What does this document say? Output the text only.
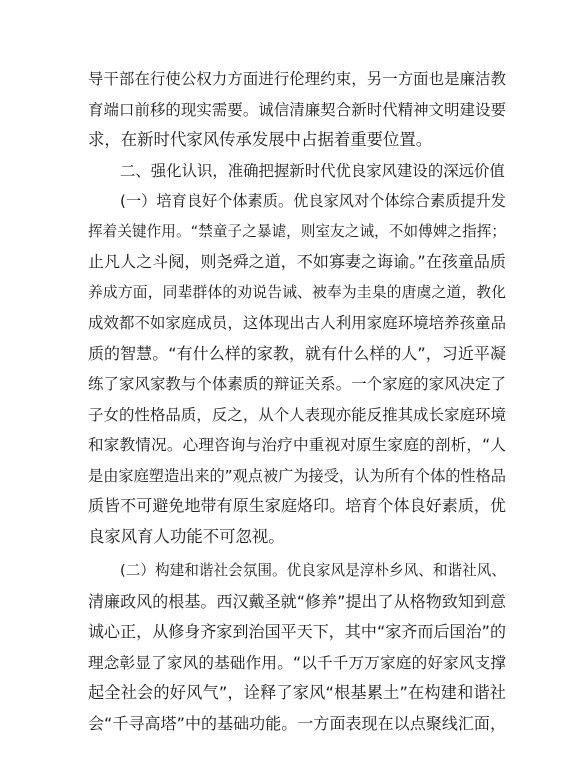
导干部在行使公权力方面进行伦理约束，另一方面也是廉洁教
育端口前移的现实需要。诚信清廉契合新时代精神文明建设要
求，在新时代家风传承发展中占据着重要位置。
二、强化认识，准确把握新时代优良家风建设的深远价值
(一）培育良好个体素质。优良家风对个体综合素质提升发
挥着关键作用。“禁童子之暴谑，则室友之诫，不如傅婢之指挥；
止凡人之斗阋，则尧舜之道，不如寡妻之诲谕。”在孩童品质
养成方面，同辈群体的劝说告诫、被奉为圭臬的唐虞之道，教化
成效都不如家庭成员，这体现出古人利用家庭环境培养孩童品
质的智慧。“有什么样的家教，就有什么样的人”，习近平凝
练了家风家教与个体素质的辩证关系。一个家庭的家风决定了
子女的性格品质，反之，从个人表现亦能反推其成长家庭环境
和家教情况。心理咨询与治疗中重视对原生家庭的剖析，“人
是由家庭塑造出来的”观点被广为接受，认为所有个体的性格品
质皆不可避免地带有原生家庭烙印。培育个体良好素质，优
良家风育人功能不可忽视。
(二）构建和谐社会氛围。优良家风是淳朴乡风、和谐社风、
清廉政风的根基。西汉戴圣就“修养”提出了从格物致知到意
诚心正，从修身齐家到治国平天下，其中“家齐而后国治”的
理念彰显了家风的基础作用。“以千千万万家庭的好家风支撑
起全社会的好风气”，诠释了家风“根基累土”在构建和谐社
会“千寻高塔”中的基础功能。一方面表现在以点聚线汇面，
